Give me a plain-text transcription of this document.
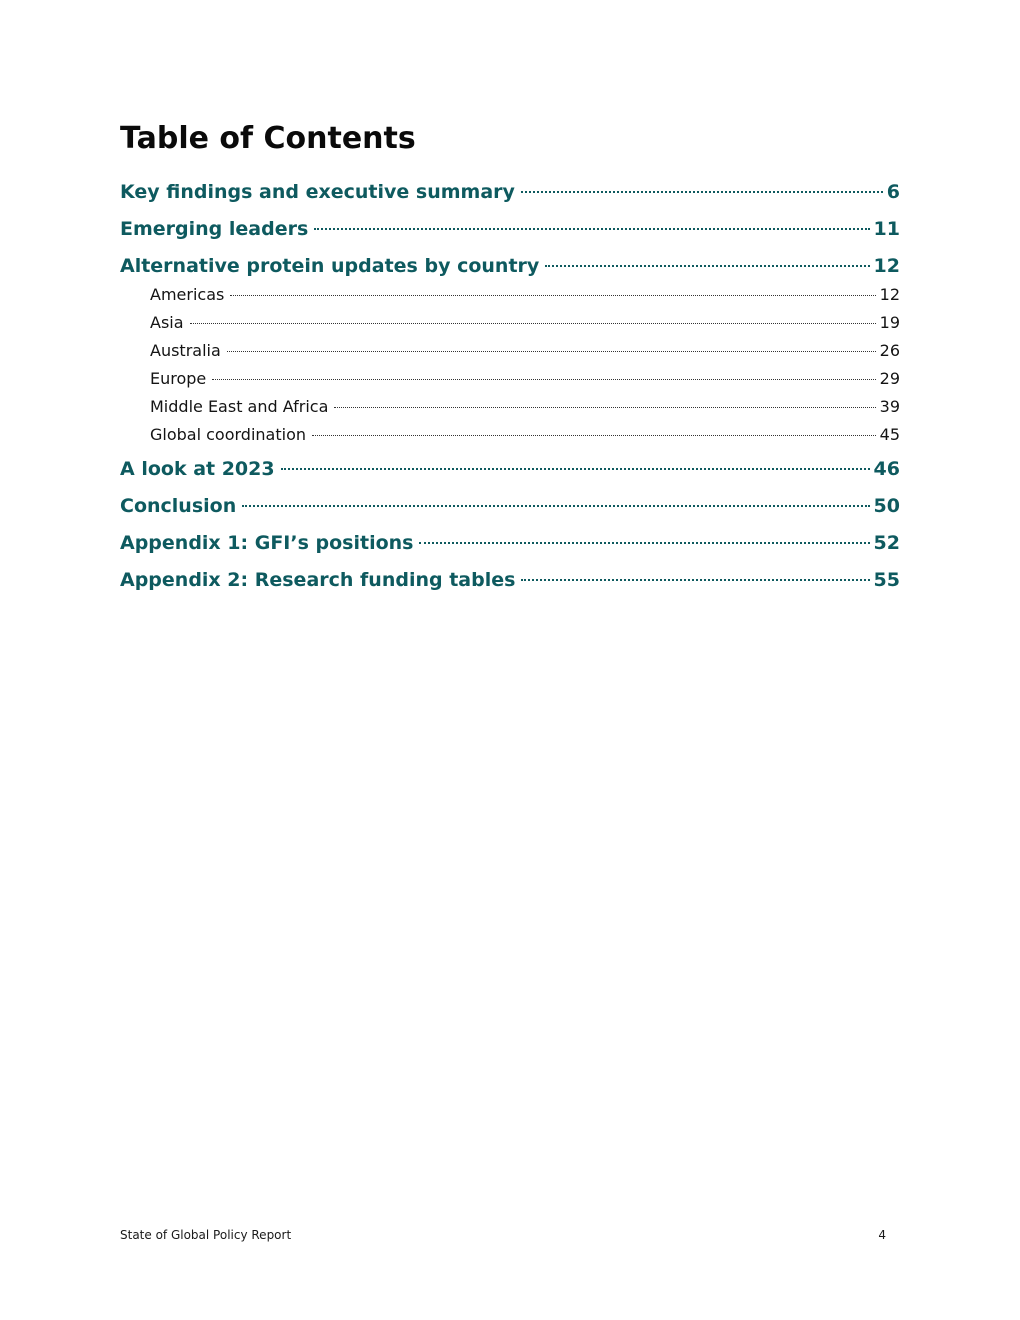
Table of Contents
Key findings and executive summary	6
Emerging leaders	11
Alternative protein updates by country	12
Americas	12
Asia	19
Australia	26
Europe	29
Middle East and Africa	39
Global coordination	45
A look at 2023	46
Conclusion	50
Appendix 1: GFI’s positions	52
Appendix 2: Research funding tables	55
State of Global Policy Report	4
